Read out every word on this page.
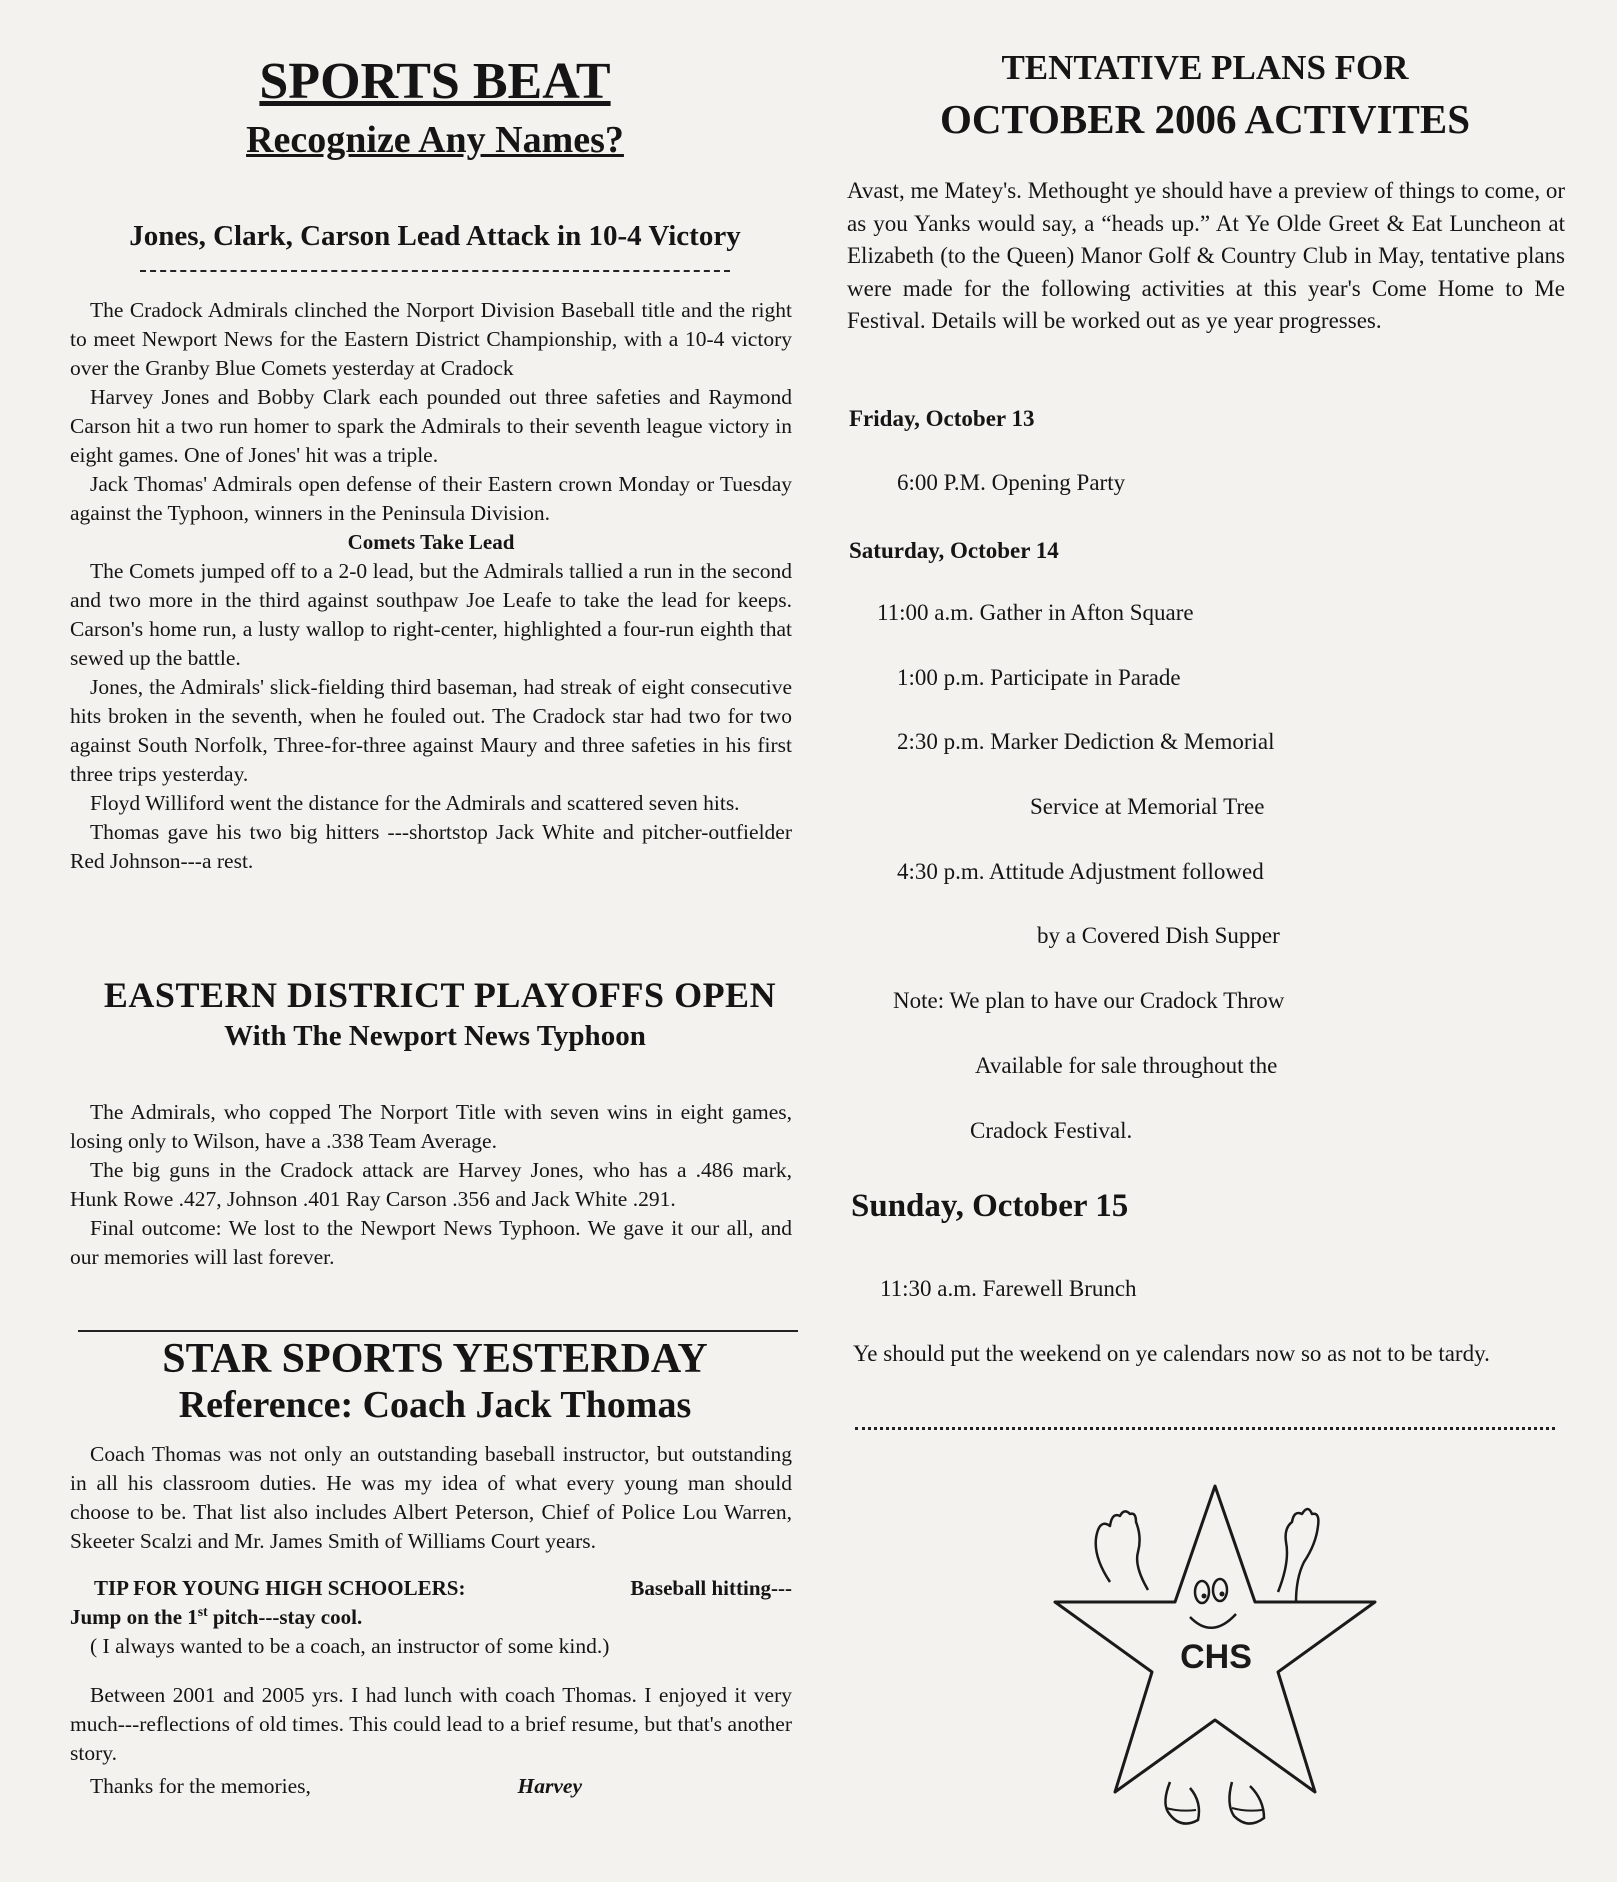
SPORTS BEAT
Recognize Any Names?
Jones, Clark, Carson Lead Attack in 10-4 Victory

The Cradock Admirals clinched the Norport Division Baseball title and the right to meet Newport News for the Eastern District Championship, with a 10-4 victory over the Granby Blue Comets yesterday at Cradock

Harvey Jones and Bobby Clark each pounded out three safeties and Raymond Carson hit a two run homer to spark the Admirals to their seventh league victory in eight games. One of Jones' hit was a triple.

Jack Thomas' Admirals open defense of their Eastern crown Monday or Tuesday against the Typhoon, winners in the Peninsula Division.

Comets Take Lead

The Comets jumped off to a 2-0 lead, but the Admirals tallied a run in the second and two more in the third against southpaw Joe Leafe to take the lead for keeps. Carson's home run, a lusty wallop to right-center, highlighted a four-run eighth that sewed up the battle.

Jones, the Admirals' slick-fielding third baseman, had streak of eight consecutive hits broken in the seventh, when he fouled out. The Cradock star had two for two against South Norfolk, Three-for-three against Maury and three safeties in his first three trips yesterday.

Floyd Williford went the distance for the Admirals and scattered seven hits.

Thomas gave his two big hitters ---shortstop Jack White and pitcher-outfielder Red Johnson---a rest.

EASTERN DISTRICT PLAYOFFS OPEN
With The Newport News Typhoon

The Admirals, who copped The Norport Title with seven wins in eight games, losing only to Wilson, have a .338 Team Average.

The big guns in the Cradock attack are Harvey Jones, who has a .486 mark, Hunk Rowe .427, Johnson .401 Ray Carson .356 and Jack White .291.

Final outcome: We lost to the Newport News Typhoon. We gave it our all, and our memories will last forever.

STAR SPORTS YESTERDAY
Reference: Coach Jack Thomas

Coach Thomas was not only an outstanding baseball instructor, but outstanding in all his classroom duties. He was my idea of what every young man should choose to be. That list also includes Albert Peterson, Chief of Police Lou Warren, Skeeter Scalzi and Mr. James Smith of Williams Court years.

TIP FOR YOUNG HIGH SCHOOLERS:	Baseball hitting---

Jump on the 1st pitch---stay cool.

( I always wanted to be a coach, an instructor of some kind.)

Between 2001 and 2005 yrs. I had lunch with coach Thomas. I enjoyed it very much---reflections of old times. This could lead to a brief resume, but that's another story.

Thanks for the memories,	Harvey

TENTATIVE PLANS FOR
OCTOBER 2006 ACTIVITES

Avast, me Matey's. Methought ye should have a preview of things to come, or as you Yanks would say, a “heads up.” At Ye Olde Greet & Eat Luncheon at Elizabeth (to the Queen) Manor Golf & Country Club in May, tentative plans were made for the following activities at this year's Come Home to Me Festival. Details will be worked out as ye year progresses.

Friday, October 13

6:00 P.M. Opening Party

Saturday, October 14

11:00 a.m. Gather in Afton Square

1:00 p.m. Participate in Parade

2:30 p.m. Marker Dediction & Memorial

Service at Memorial Tree

4:30 p.m. Attitude Adjustment followed

by a Covered Dish Supper

Note: We plan to have our Cradock Throw

Available for sale throughout the

Cradock Festival.

Sunday, October 15

11:30 a.m. Farewell Brunch

Ye should put the weekend on ye calendars now so as not to be tardy.

CHS
